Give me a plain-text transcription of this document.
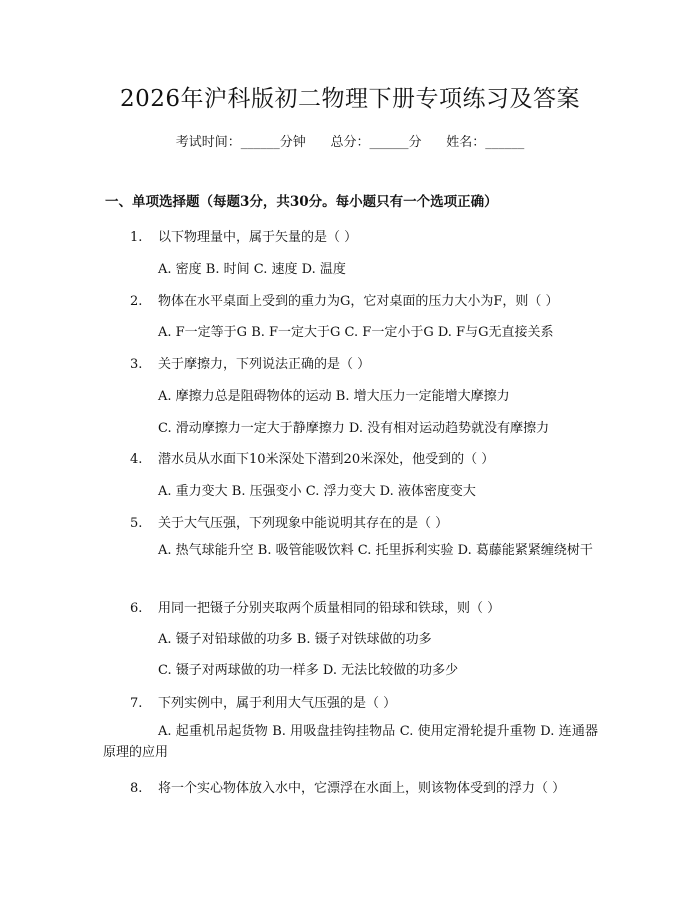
2026年沪科版初二物理下册专项练习及答案
考试时间：______分钟      总分：______分      姓名：______
一、单项选择题（每题3分，共30分。每小题只有一个选项正确）
1. 以下物理量中，属于矢量的是（ ）
A. 密度 B. 时间 C. 速度 D. 温度
2. 物体在水平桌面上受到的重力为G，它对桌面的压力大小为F，则（ ）
A. F一定等于G B. F一定大于G C. F一定小于G D. F与G无直接关系
3. 关于摩擦力，下列说法正确的是（ ）
A. 摩擦力总是阻碍物体的运动 B. 增大压力一定能增大摩擦力
C. 滑动摩擦力一定大于静摩擦力 D. 没有相对运动趋势就没有摩擦力
4. 潜水员从水面下10米深处下潜到20米深处，他受到的（ ）
A. 重力变大 B. 压强变小 C. 浮力变大 D. 液体密度变大
5. 关于大气压强，下列现象中能说明其存在的是（ ）
A. 热气球能升空 B. 吸管能吸饮料 C. 托里拆利实验 D. 葛藤能紧紧缠绕树干
6. 用同一把镊子分别夹取两个质量相同的铅球和铁球，则（ ）
A. 镊子对铅球做的功多 B. 镊子对铁球做的功多
C. 镊子对两球做的功一样多 D. 无法比较做的功多少
7. 下列实例中，属于利用大气压强的是（ ）
A. 起重机吊起货物 B. 用吸盘挂钩挂物品 C. 使用定滑轮提升重物 D. 连通器原理的应用
8. 将一个实心物体放入水中，它漂浮在水面上，则该物体受到的浮力（ ）
